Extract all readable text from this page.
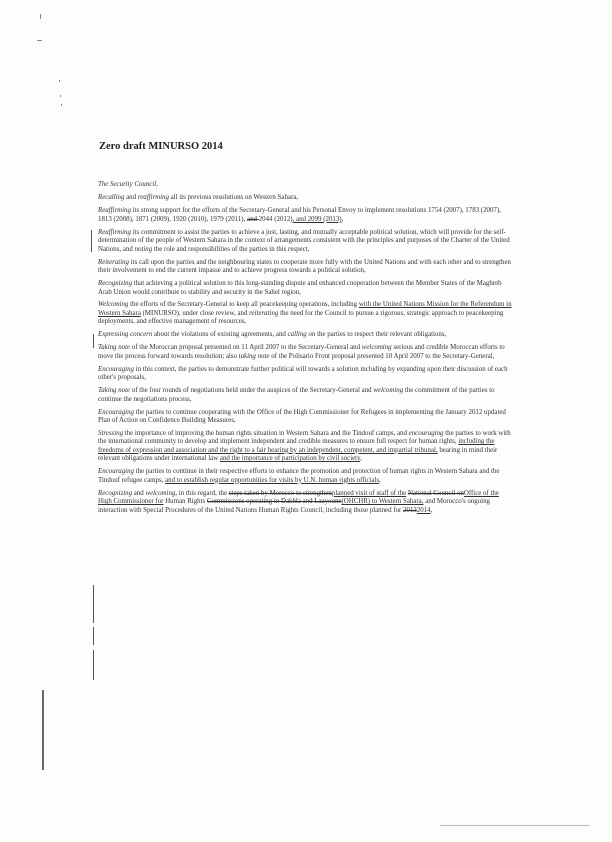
Zero draft MINURSO 2014

The Security Council,

Recalling and reaffirming all its previous resolutions on Western Sahara,

Reaffirming its strong support for the efforts of the Secretary-General and his Personal Envoy to implement resolutions 1754 (2007), 1783 (2007), 1813 (2008), 1871 (2009), 1920 (2010), 1979 (2011), and 2044 (2012), and 2099 (2013),

Reaffirming its commitment to assist the parties to achieve a just, lasting, and mutually acceptable political solution, which will provide for the self-determination of the people of Western Sahara in the context of arrangements consistent with the principles and purposes of the Charter of the United Nations, and noting the role and responsibilities of the parties in this respect,

Reiterating its call upon the parties and the neighbouring states to cooperate more fully with the United Nations and with each other and to strengthen their involvement to end the current impasse and to achieve progress towards a political solution,

Recognizing that achieving a political solution to this long-standing dispute and enhanced cooperation between the Member States of the Maghreb Arab Union would contribute to stability and security in the Sahel region,

Welcoming the efforts of the Secretary-General to keep all peacekeeping operations, including with the United Nations Mission for the Referendum in Western Sahara (MINURSO), under close review, and reiterating the need for the Council to pursue a rigorous, strategic approach to peacekeeping deployments, and effective management of resources,

Expressing concern about the violations of existing agreements, and calling on the parties to respect their relevant obligations,

Taking note of the Moroccan proposal presented on 11 April 2007 to the Secretary-General and welcoming serious and credible Moroccan efforts to move the process forward towards resolution; also taking note of the Polisario Front proposal presented 10 April 2007 to the Secretary-General,

Encouraging in this context, the parties to demonstrate further political will towards a solution including by expanding upon their discussion of each other's proposals,

Taking note of the four rounds of negotiations held under the auspices of the Secretary-General and welcoming the commitment of the parties to continue the negotiations process,

Encouraging the parties to continue cooperating with the Office of the High Commissioner for Refugees in implementing the January 2012 updated Plan of Action on Confidence Building Measures,

Stressing the importance of improving the human rights situation in Western Sahara and the Tindouf camps, and encouraging the parties to work with the international community to develop and implement independent and credible measures to ensure full respect for human rights, including the freedoms of expression and association and the right to a fair hearing by an independent, competent, and impartial tribunal, bearing in mind their relevant obligations under international law and the importance of participation by civil society,

Encouraging the parties to continue in their respective efforts to enhance the promotion and protection of human rights in Western Sahara and the Tindouf refugee camps, and to establish regular opportunities for visits by U.N. human rights officials,

Recognizing and welcoming, in this regard, the steps taken by Morocco to strengthenplanned visit of staff of the National Council onOffice of the High Commissioner for Human Rights Commissions operating in Dakhla and Laayoune(OHCHR) to Western Sahara, and Morocco's ongoing interaction with Special Procedures of the United Nations Human Rights Council, including those planned for 20132014,
